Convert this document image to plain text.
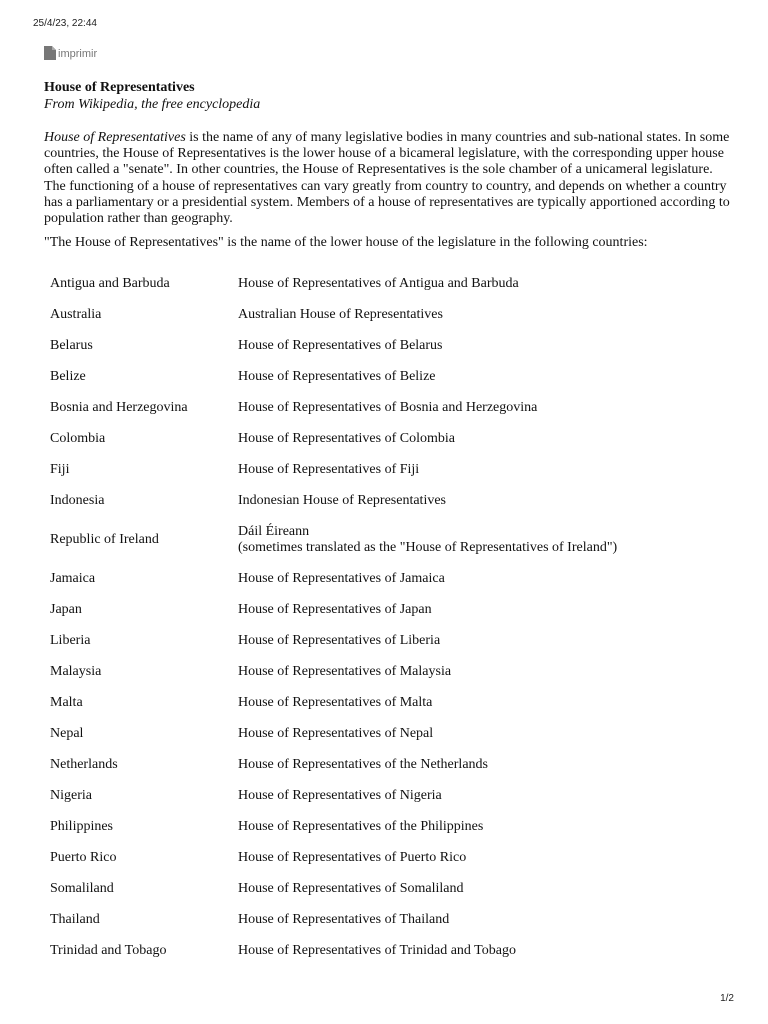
25/4/23, 22:44
imprimir
House of Representatives
From Wikipedia, the free encyclopedia

House of Representatives is the name of any of many legislative bodies in many countries and sub-national states. In some countries, the House of Representatives is the lower house of a bicameral legislature, with the corresponding upper house often called a "senate". In other countries, the House of Representatives is the sole chamber of a unicameral legislature. The functioning of a house of representatives can vary greatly from country to country, and depends on whether a country has a parliamentary or a presidential system. Members of a house of representatives are typically apportioned according to population rather than geography.

"The House of Representatives" is the name of the lower house of the legislature in the following countries:

Antigua and Barbuda	House of Representatives of Antigua and Barbuda
Australia	Australian House of Representatives
Belarus	House of Representatives of Belarus
Belize	House of Representatives of Belize
Bosnia and Herzegovina	House of Representatives of Bosnia and Herzegovina
Colombia	House of Representatives of Colombia
Fiji	House of Representatives of Fiji
Indonesia	Indonesian House of Representatives
Republic of Ireland	Dáil Éireann
(sometimes translated as the "House of Representatives of Ireland")

Jamaica	House of Representatives of Jamaica
Japan	House of Representatives of Japan
Liberia	House of Representatives of Liberia
Malaysia	House of Representatives of Malaysia
Malta	House of Representatives of Malta
Nepal	House of Representatives of Nepal
Netherlands	House of Representatives of the Netherlands
Nigeria	House of Representatives of Nigeria
Philippines	House of Representatives of the Philippines
Puerto Rico	House of Representatives of Puerto Rico
Somaliland	House of Representatives of Somaliland
Thailand	House of Representatives of Thailand
Trinidad and Tobago	House of Representatives of Trinidad and Tobago
1/2
